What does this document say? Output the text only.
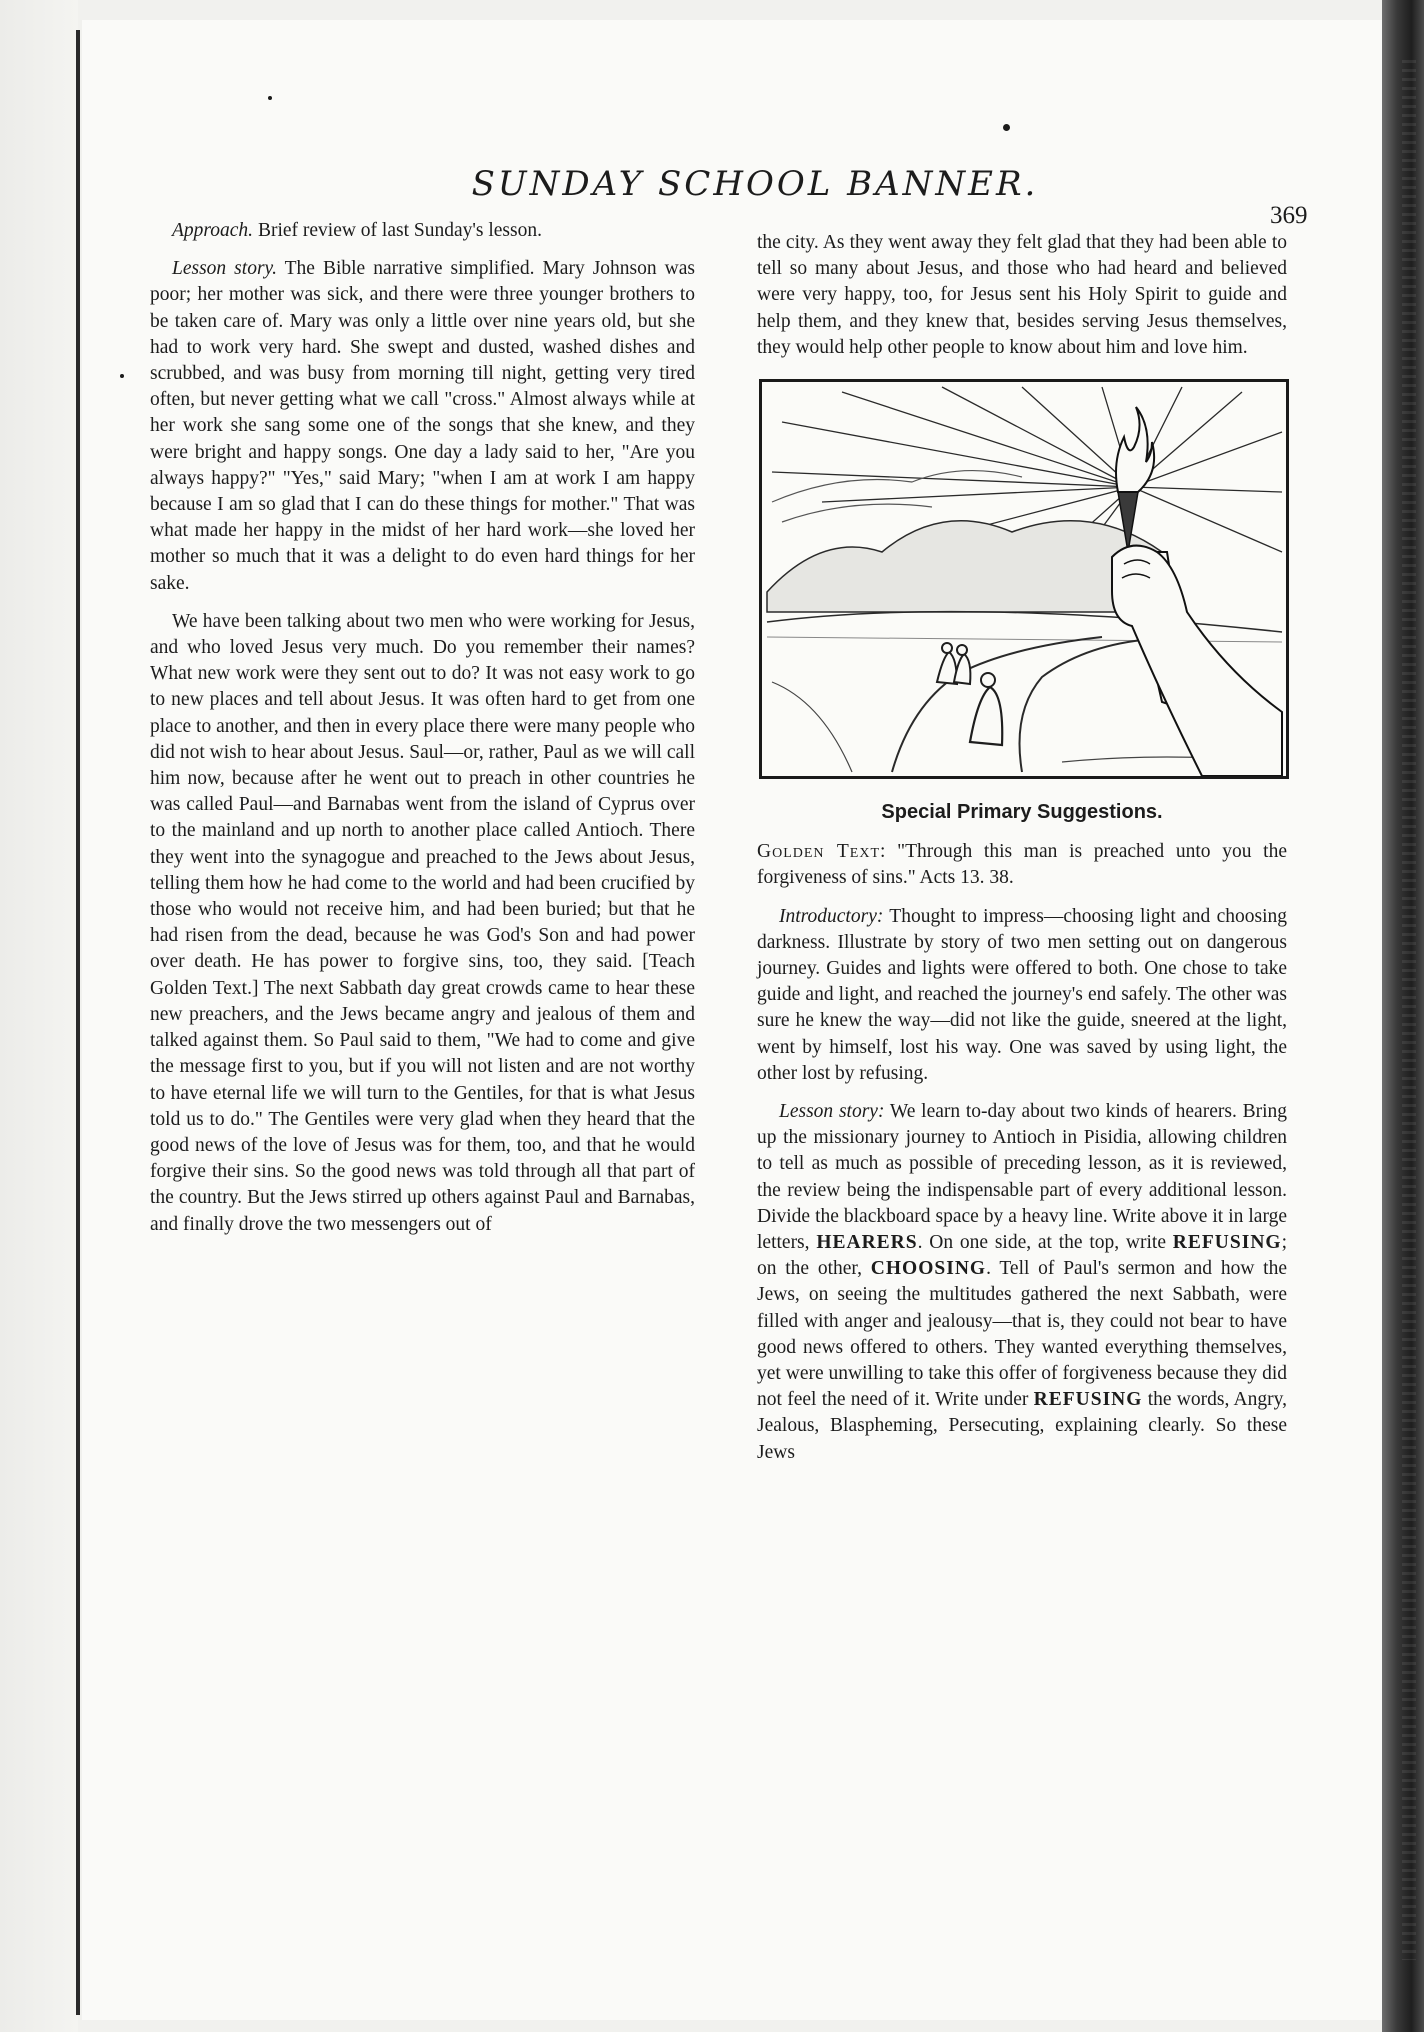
SUNDAY SCHOOL BANNER.
369

Approach. Brief review of last Sunday's lesson.

Lesson story. The Bible narrative simplified. Mary Johnson was poor; her mother was sick, and there were three younger brothers to be taken care of. Mary was only a little over nine years old, but she had to work very hard. She swept and dusted, washed dishes and scrubbed, and was busy from morning till night, getting very tired often, but never getting what we call "cross." Almost always while at her work she sang some one of the songs that she knew, and they were bright and happy songs. One day a lady said to her, "Are you always happy?" "Yes," said Mary; "when I am at work I am happy because I am so glad that I can do these things for mother." That was what made her happy in the midst of her hard work—she loved her mother so much that it was a delight to do even hard things for her sake.

We have been talking about two men who were working for Jesus, and who loved Jesus very much. Do you remember their names? What new work were they sent out to do? It was not easy work to go to new places and tell about Jesus. It was often hard to get from one place to another, and then in every place there were many people who did not wish to hear about Jesus. Saul—or, rather, Paul as we will call him now, because after he went out to preach in other countries he was called Paul—and Barnabas went from the island of Cyprus over to the mainland and up north to another place called Antioch. There they went into the synagogue and preached to the Jews about Jesus, telling them how he had come to the world and had been crucified by those who would not receive him, and had been buried; but that he had risen from the dead, because he was God's Son and had power over death. He has power to forgive sins, too, they said. [Teach Golden Text.] The next Sabbath day great crowds came to hear these new preachers, and the Jews became angry and jealous of them and talked against them. So Paul said to them, "We had to come and give the message first to you, but if you will not listen and are not worthy to have eternal life we will turn to the Gentiles, for that is what Jesus told us to do." The Gentiles were very glad when they heard that the good news of the love of Jesus was for them, too, and that he would forgive their sins. So the good news was told through all that part of the country. But the Jews stirred up others against Paul and Barnabas, and finally drove the two messengers out of

the city. As they went away they felt glad that they had been able to tell so many about Jesus, and those who had heard and believed were very happy, too, for Jesus sent his Holy Spirit to guide and help them, and they knew that, besides serving Jesus themselves, they would help other people to know about him and love him.

Special Primary Suggestions.

Golden Text: "Through this man is preached unto you the forgiveness of sins." Acts 13. 38.

Introductory: Thought to impress—choosing light and choosing darkness. Illustrate by story of two men setting out on dangerous journey. Guides and lights were offered to both. One chose to take guide and light, and reached the journey's end safely. The other was sure he knew the way—did not like the guide, sneered at the light, went by himself, lost his way. One was saved by using light, the other lost by refusing.

Lesson story: We learn to-day about two kinds of hearers. Bring up the missionary journey to Antioch in Pisidia, allowing children to tell as much as possible of preceding lesson, as it is reviewed, the review being the indispensable part of every additional lesson. Divide the blackboard space by a heavy line. Write above it in large letters, HEARERS. On one side, at the top, write REFUSING; on the other, CHOOSING. Tell of Paul's sermon and how the Jews, on seeing the multitudes gathered the next Sabbath, were filled with anger and jealousy—that is, they could not bear to have good news offered to others. They wanted everything themselves, yet were unwilling to take this offer of forgiveness because they did not feel the need of it. Write under REFUSING the words, Angry, Jealous, Blaspheming, Persecuting, explaining clearly. So these Jews
